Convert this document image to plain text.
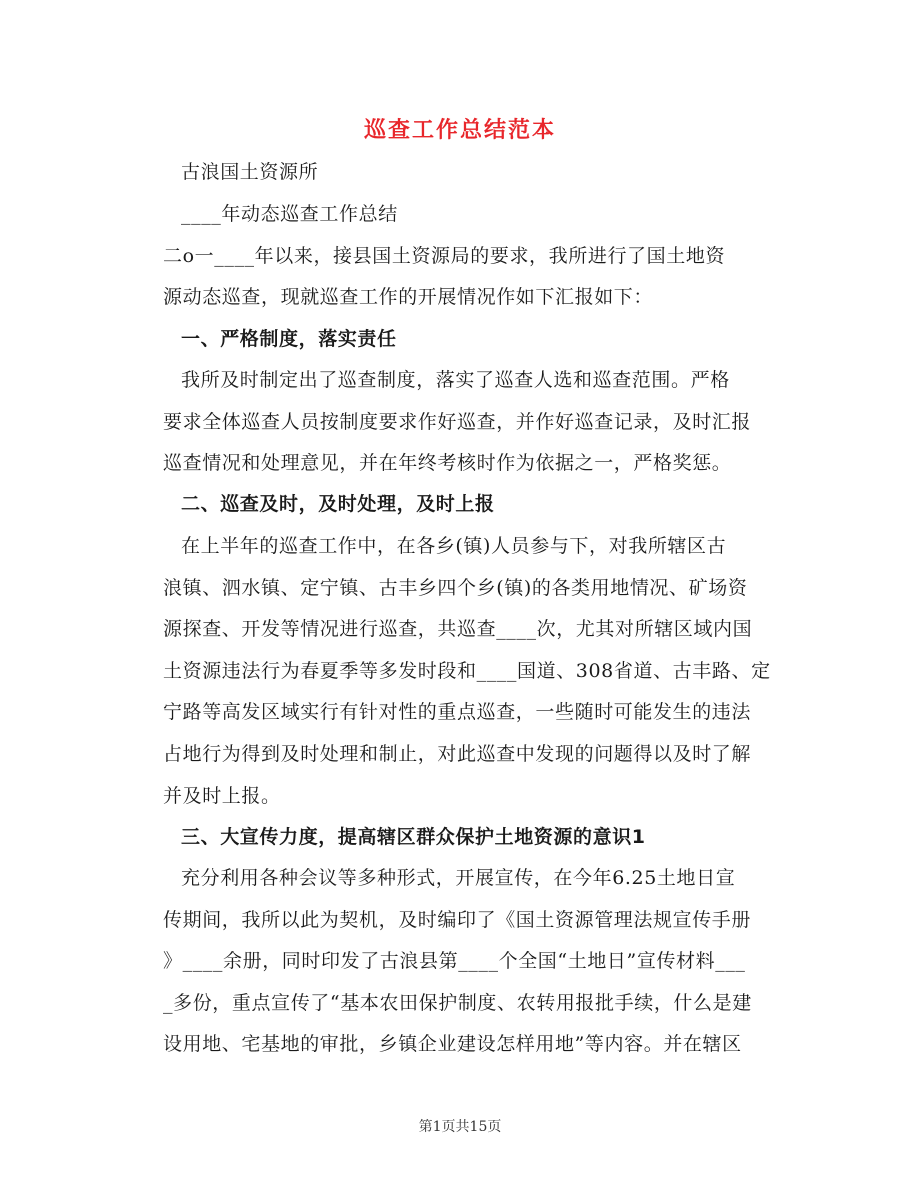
巡查工作总结范本
古浪国土资源所
____年动态巡查工作总结
二o一____年以来，接县国土资源局的要求，我所进行了国土地资
源动态巡查，现就巡查工作的开展情况作如下汇报如下：
一、严格制度，落实责任
我所及时制定出了巡查制度，落实了巡查人选和巡查范围。严格
要求全体巡查人员按制度要求作好巡查，并作好巡查记录，及时汇报
巡查情况和处理意见，并在年终考核时作为依据之一，严格奖惩。
二、巡查及时，及时处理，及时上报
在上半年的巡查工作中，在各乡(镇)人员参与下，对我所辖区古
浪镇、泗水镇、定宁镇、古丰乡四个乡(镇)的各类用地情况、矿场资
源探查、开发等情况进行巡查，共巡查____次，尤其对所辖区域内国
土资源违法行为春夏季等多发时段和____国道、308省道、古丰路、定
宁路等高发区域实行有针对性的重点巡查，一些随时可能发生的违法
占地行为得到及时处理和制止，对此巡查中发现的问题得以及时了解
并及时上报。
三、大宣传力度，提高辖区群众保护土地资源的意识1
充分利用各种会议等多种形式，开展宣传，在今年6.25土地日宣
传期间，我所以此为契机，及时编印了《国土资源管理法规宣传手册
》____余册，同时印发了古浪县第____个全国“土地日”宣传材料___
_多份，重点宣传了“基本农田保护制度、农转用报批手续，什么是建
设用地、宅基地的审批，乡镇企业建设怎样用地”等内容。并在辖区
第1页共15页
